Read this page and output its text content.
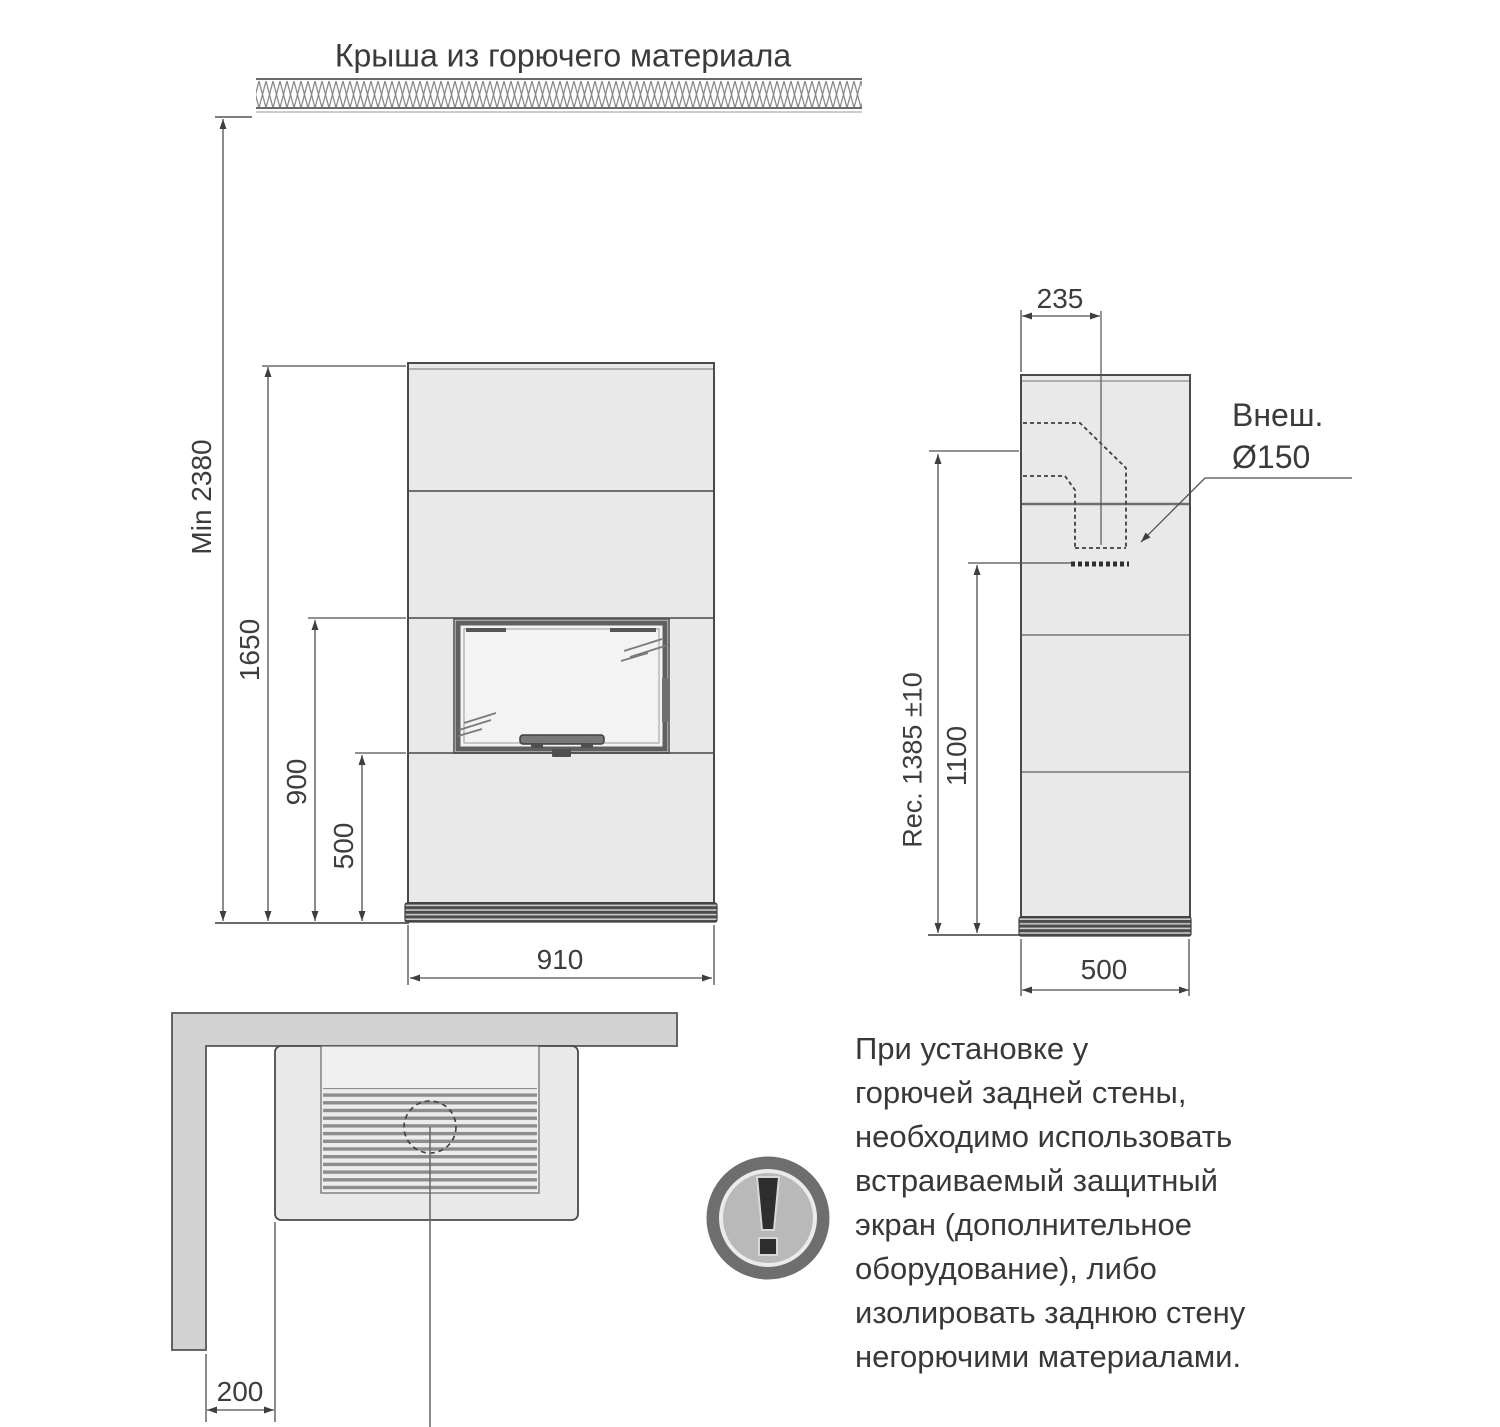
Крыша из горючего материала
Min 2380
1650
900
500
910
235
Rec. 1385 ±10 1100
500
200
Внеш.
Ø150
При установке у
горючей задней стены,
необходимо использовать
встраиваемый защитный
экран (дополнительное
оборудование), либо
изолировать заднюю стену
негорючими материалами.
